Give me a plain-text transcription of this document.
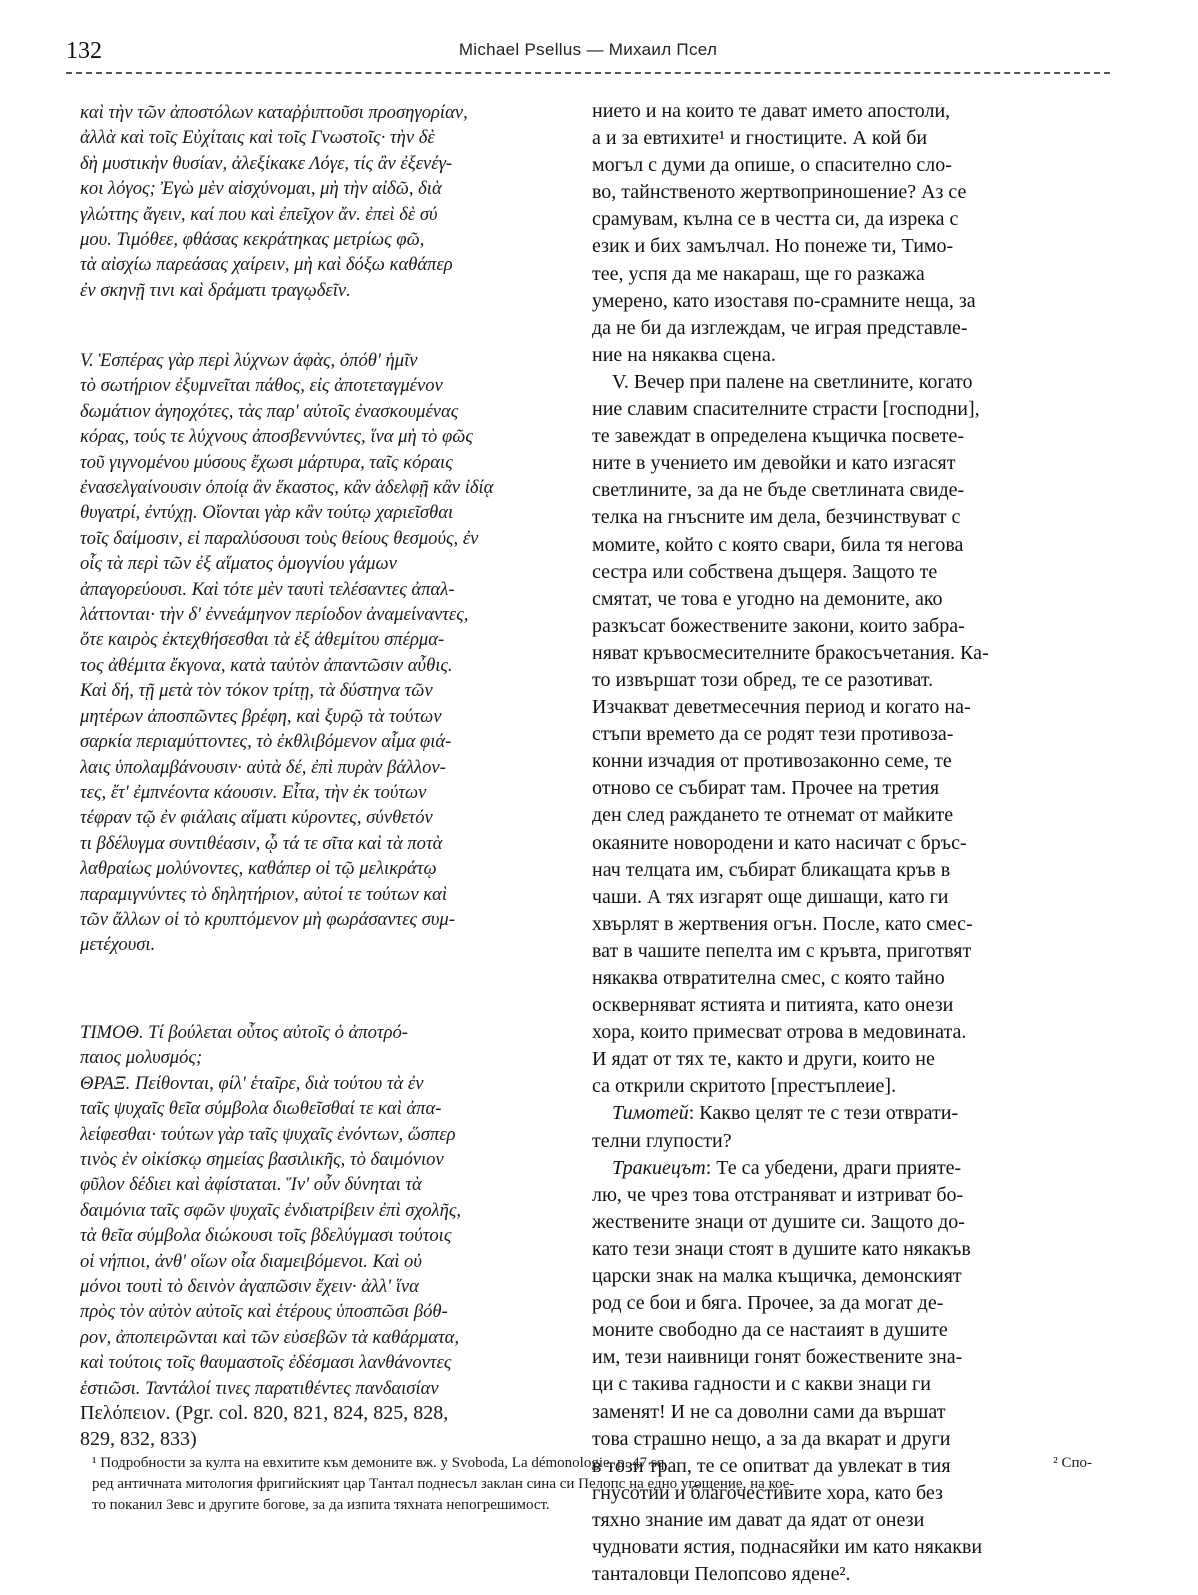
132	Michael Psellus — Михаил Псел
καὶ τὴν τῶν ἀποστόλων καταῤῥιπτοῦσι προσηγορίαν,
ἀλλὰ καὶ τοῖς Εὐχίταις καὶ τοῖς Γνωστοῖς· τὴν δὲ
δὴ μυστικὴν θυσίαν, ἀλεξίκακε Λόγε, τίς ἂν ἐξενέγ-
κοι λόγος; Ἐγὼ μὲν αἰσχύνομαι, μὴ τὴν αἰδῶ, διὰ
γλώττης ἄγειν, καί που καὶ ἐπεῖχον ἄν. ἐπεὶ δὲ σύ
μου. Τιμόθεε, φθάσας κεκράτηκας μετρίως φῶ,
τὰ αἰσχίω παρεάσας χαίρειν, μὴ καὶ δόξω καθάπερ
ἐν σκηνῇ τινι καὶ δράματι τραγῳδεῖν.
V. Ἑσπέρας γὰρ περὶ λύχνων ἁφὰς, ὁπόθ' ἡμῖν
τὸ σωτήριον ἐξυμνεῖται πάθος, εἰς ἀποτεταγμένον
δωμάτιον ἀγηοχότες, τὰς παρ' αὐτοῖς ἐνασκουμένας
κόρας, τούς τε λύχνους ἀποσβεννύντες, ἵνα μὴ τὸ φῶς
τοῦ γιγνομένου μύσους ἔχωσι μάρτυρα, ταῖς κόραις
ἐνασελγαίνουσιν ὁποίᾳ ἂν ἕκαστος, κἂν ἀδελφῇ κἂν ἰδίᾳ
θυγατρί, ἐντύχῃ. Οἴονται γὰρ κἂν τούτῳ χαριεῖσθαι
τοῖς δαίμοσιν, εἰ παραλύσουσι τοὺς θείους θεσμούς, ἐν
οἷς τὰ περὶ τῶν ἐξ αἵματος ὁμογνίου γάμων
ἀπαγορεύουσι. Καὶ τότε μὲν ταυτὶ τελέσαντες ἀπαλ-
λάττονται· τὴν δ' ἐννεάμηνον περίοδον ἀναμείναντες,
ὅτε καιρὸς ἐκτεχθήσεσθαι τὰ ἐξ ἀθεμίτου σπέρμα-
τος ἀθέμιτα ἔκγονα, κατὰ ταὐτὸν ἀπαντῶσιν αὖθις.
Καὶ δή, τῇ μετὰ τὸν τόκον τρίτῃ, τὰ δύστηνα τῶν
μητέρων ἀποσπῶντες βρέφη, καὶ ξυρῷ τὰ τούτων
σαρκία περιαμύττοντες, τὸ ἐκθλιβόμενον αἷμα φιά-
λαις ὑπολαμβάνουσιν· αὐτὰ δέ, ἐπὶ πυρὰν βάλλον-
τες, ἔτ' ἐμπνέοντα κάουσιν. Εἶτα, τὴν ἐκ τούτων
τέφραν τῷ ἐν φιάλαις αἵματι κύροντες, σύνθετόν
τι βδέλυγμα συντιθέασιν, ᾧ τά τε σῖτα καὶ τὰ ποτὰ
λαθραίως μολύνοντες, καθάπερ οἱ τῷ μελικράτῳ
παραμιγνύντες τὸ δηλητήριον, αὐτοί τε τούτων καὶ
τῶν ἄλλων οἱ τὸ κρυπτόμενον μὴ φωράσαντες συμ-
μετέχουσι.
ΤΙΜΟΘ. Τί βούλεται οὗτος αὐτοῖς ὁ ἀποτρό-
παιος μολυσμός;
ΘΡΑΞ. Πείθονται, φίλ' ἑταῖρε, διὰ τούτου τὰ ἐν
ταῖς ψυχαῖς θεῖα σύμβολα διωθεῖσθαί τε καὶ ἀπα-
λείφεσθαι· τούτων γὰρ ταῖς ψυχαῖς ἐνόντων, ὥσπερ
τινὸς ἐν οἰκίσκῳ σημείας βασιλικῆς, τὸ δαιμόνιον
φῦλον δέδιει καὶ ἀφίσταται. Ἵν' οὖν δύνηται τὰ
δαιμόνια ταῖς σφῶν ψυχαῖς ἐνδιατρίβειν ἐπὶ σχολῆς,
τὰ θεῖα σύμβολα διώκουσι τοῖς βδελύγμασι τούτοις
οἱ νήπιοι, ἀνθ' οἵων οἷα διαμειβόμενοι. Καὶ οὐ
μόνοι τουτὶ τὸ δεινὸν ἀγαπῶσιν ἔχειν· ἀλλ' ἵνα
πρὸς τὸν αὐτὸν αὐτοῖς καὶ ἑτέρους ὑποσπῶσι βόθ-
ρον, ἀποπειρῶνται καὶ τῶν εὐσεβῶν τὰ καθάρματα,
καὶ τούτοις τοῖς θαυμαστοῖς ἐδέσμασι λανθάνοντες
ἑστιῶσι. Ταντάλοί τινες παρατιθέντες πανδαισίαν
Πελόπειον. (Pgr. col. 820, 821, 824, 825, 828,
829, 832, 833)
нието и на които те дават името апостоли,
а и за евтихите¹ и гностиците. А кой би
могъл с думи да опише, о спасително сло-
во, тайнственото жертвоприношение? Аз се
срамувам, кълна се в честта си, да изрека с
език и бих замълчал. Но понеже ти, Тимо-
тее, успя да ме накараш, ще го разкажа
умерено, като изоставя по-срамните неща, за
да не би да изглеждам, че играя представле-
ние на някаква сцена.
V. Вечер при палене на светлините, когато
ние славим спасителните страсти [господни],
те завеждат в определена къщичка посвете-
ните в учението им девойки и като изгасят
светлините, за да не бъде светлината свиде-
телка на гнъсните им дела, безчинствуват с
момите, който с която свари, била тя негова
сестра или собствена дъщеря. Защото те
смятат, че това е угодно на демоните, ако
разкъсат божествените закони, които забра-
няват кръвосмесителните бракосъчетания. Ка-
то извършат този обред, те се разотиват.
Изчакват деветмесечния период и когато на-
стъпи времето да се родят тези противоза-
конни изчадия от противозаконно семе, те
отново се събират там. Прочее на третия
ден след раждането те отнемат от майките
окаяните новородени и като насичат с бръс-
нач телцата им, събират бликащата кръв в
чаши. А тях изгарят още дишащи, като ги
хвърлят в жертвения огън. После, като смес-
ват в чашите пепелта им с кръвта, приготвят
някаква отвратителна смес, с която тайно
оскверняват ястията и питията, като онези
хора, които примесват отрова в медовината.
И ядат от тях те, както и други, които не
са открили скритото [престъплеие].
Тимотей: Какво целят те с тези отврати-
телни глупости?
Тракиецът: Те са убедени, драги прияте-
лю, че чрез това отстраняват и изтриват бо-
жествените знаци от душите си. Защото до-
като тези знаци стоят в душите като някакъв
царски знак на малка къщичка, демонският
род се бои и бяга. Прочее, за да могат де-
моните свободно да се настаият в душите
им, тези наивници гонят божествените зна-
ци с такива гадности и с какви знаци ги
заменят! И не са доволни сами да вършат
това страшно нещо, а за да вкарат и други
в този трап, те се опитват да увлекат в тия
гнусотии и благочестивите хора, като без
тяхно знание им дават да ядат от онези
чудновати ястия, поднасяйки им като някакви
танталовци Пелопсово ядене².
¹ Подробности за култа на евхитите към демоните вж. у Svoboda, La démonologie, p. 47 sq.	² Спо-
ред античната митология фригийският цар Тантал поднесъл заклан сина си Пелопс на едно угощение, на кое-
то поканил Зевс и другите богове, за да изпита тяхната непогрешимост.
